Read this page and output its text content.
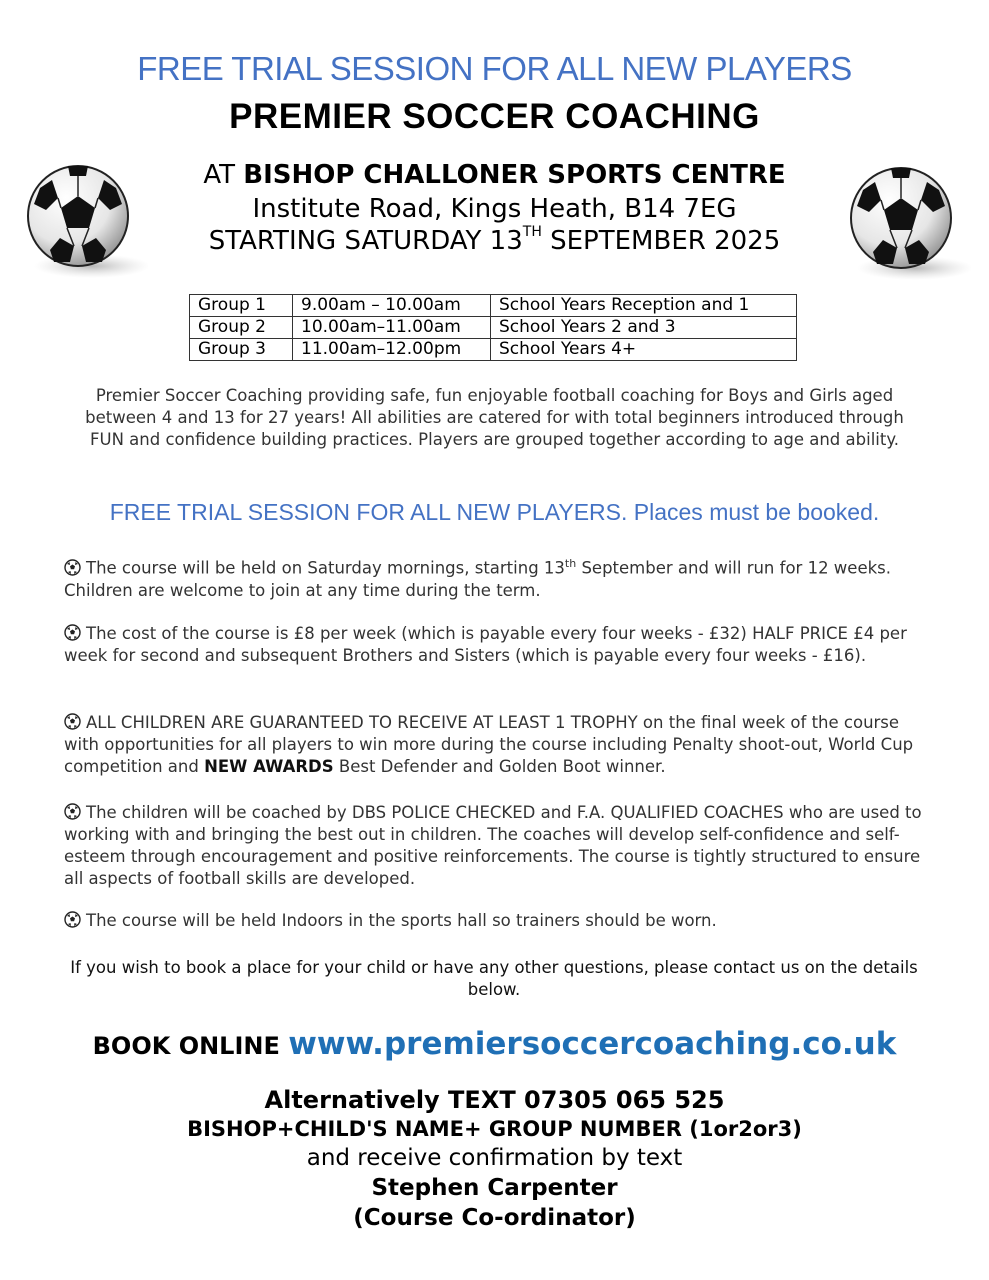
FREE TRIAL SESSION FOR ALL NEW PLAYERS
PREMIER SOCCER COACHING
AT BISHOP CHALLONER SPORTS CENTRE
Institute Road, Kings Heath, B14 7EG
STARTING SATURDAY 13TH SEPTEMBER 2025
Group 1	9.00am – 10.00am	School Years Reception and 1
Group 2	10.00am–11.00am	School Years 2 and 3
Group 3	11.00am–12.00pm	School Years 4+
Premier Soccer Coaching providing safe, fun enjoyable football coaching for Boys and Girls aged between 4 and 13 for 27 years! All abilities are catered for with total beginners introduced through FUN and confidence building practices. Players are grouped together according to age and ability.
FREE TRIAL SESSION FOR ALL NEW PLAYERS. Places must be booked.
The course will be held on Saturday mornings, starting 13th September and will run for 12 weeks. Children are welcome to join at any time during the term.
The cost of the course is £8 per week (which is payable every four weeks - £32) HALF PRICE £4 per week for second and subsequent Brothers and Sisters (which is payable every four weeks - £16).
ALL CHILDREN ARE GUARANTEED TO RECEIVE AT LEAST 1 TROPHY on the final week of the course with opportunities for all players to win more during the course including Penalty shoot-out, World Cup competition and NEW AWARDS Best Defender and Golden Boot winner.
The children will be coached by DBS POLICE CHECKED and F.A. QUALIFIED COACHES who are used to working with and bringing the best out in children. The coaches will develop self-confidence and self-esteem through encouragement and positive reinforcements. The course is tightly structured to ensure all aspects of football skills are developed.
The course will be held Indoors in the sports hall so trainers should be worn.
If you wish to book a place for your child or have any other questions, please contact us on the details below.
BOOK ONLINE www.premiersoccercoaching.co.uk
Alternatively TEXT 07305 065 525
BISHOP+CHILD'S NAME+ GROUP NUMBER (1or2or3)
and receive confirmation by text
Stephen Carpenter
(Course Co-ordinator)
